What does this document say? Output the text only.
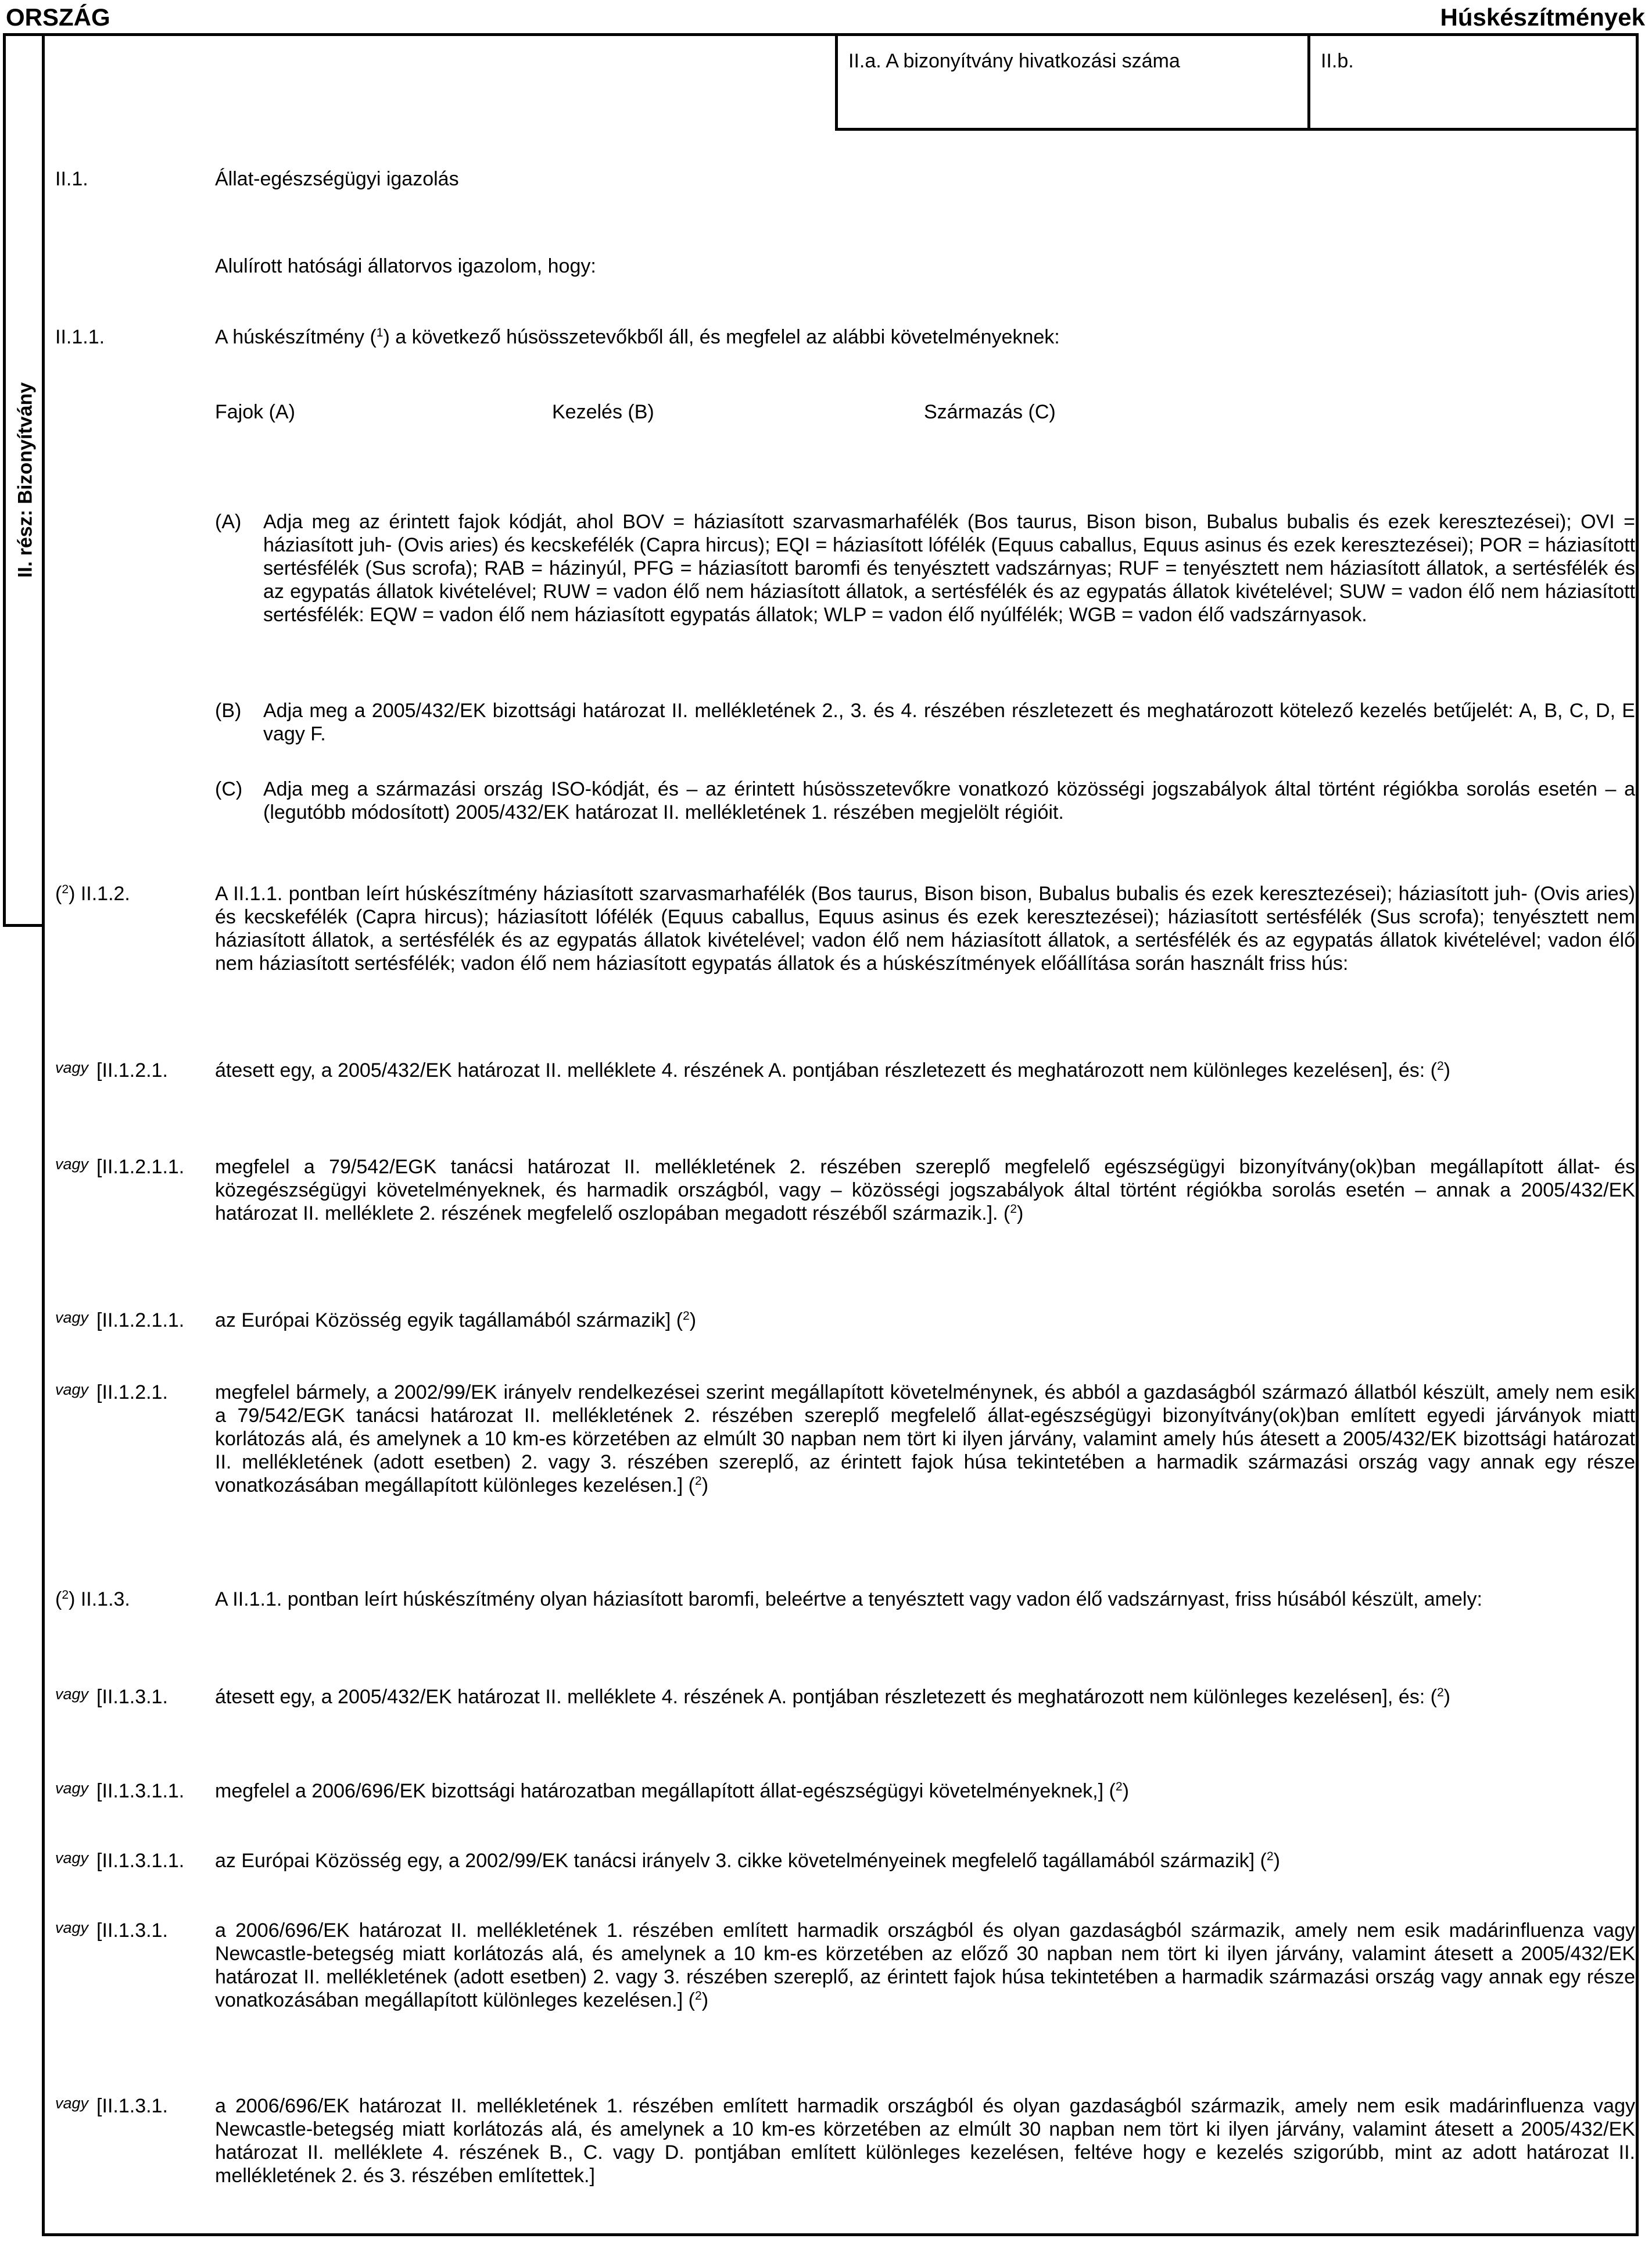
ORSZÁG	Húskészítmények
II.a. A bizonyítvány hivatkozási száma	II.b.
II. rész: Bizonyítvány
II.1.	Állat-egészségügyi igazolás
Alulírott hatósági állatorvos igazolom, hogy:
II.1.1.	A húskészítmény ($^1$) a következő húsösszetevőkből áll, és megfelel az alábbi követelményeknek:
Fajok (A)	Kezelés (B)	Származás (C)
(A) Adja meg az érintett fajok kódját, ahol BOV = háziasított szarvasmarhafélék (Bos taurus, Bison bison, Bubalus bubalis és ezek keresztezései); OVI = háziasított juh- (Ovis aries) és kecskefélék (Capra hircus); EQI = háziasított lófélék (Equus caballus, Equus asinus és ezek keresztezései); POR = háziasított sertésfélék (Sus scrofa); RAB = házinyúl, PFG = háziasított baromfi és tenyésztett vadszárnyas; RUF = tenyésztett nem háziasított állatok, a sertésfélék és az egypatás állatok kivételével; RUW = vadon élő nem háziasított állatok, a sertésfélék és az egypatás állatok kivételével; SUW = vadon élő nem háziasított sertésfélék: EQW = vadon élő nem háziasított egypatás állatok; WLP = vadon élő nyúlfélék; WGB = vadon élő vadszárnyasok.
(B) Adja meg a 2005/432/EK bizottsági határozat II. mellékletének 2., 3. és 4. részében részletezett és meghatározott kötelező kezelés betűjelét: A, B, C, D, E vagy F.
(C) Adja meg a származási ország ISO-kódját, és – az érintett húsösszetevőkre vonatkozó közösségi jogszabályok által történt régiókba sorolás esetén – a (legutóbb módosított) 2005/432/EK határozat II. mellékletének 1. részében megjelölt régióit.
($^2$) II.1.2.	A II.1.1. pontban leírt húskészítmény háziasított szarvasmarhafélék (Bos taurus, Bison bison, Bubalus bubalis és ezek keresztezései); háziasított juh- (Ovis aries) és kecskefélék (Capra hircus); háziasított lófélék (Equus caballus, Equus asinus és ezek keresztezései); háziasított sertésfélék (Sus scrofa); tenyésztett nem háziasított állatok, a sertésfélék és az egypatás állatok kivételével; vadon élő nem háziasított állatok, a sertésfélék és az egypatás állatok kivételével; vadon élő nem háziasított sertésfélék; vadon élő nem háziasított egypatás állatok és a húskészítmények előállítása során használt friss hús:
$^{vagy}$ [II.1.2.1. átesett egy, a 2005/432/EK határozat II. melléklete 4. részének A. pontjában részletezett és meghatározott nem különleges kezelésen], és: ($^2$)
$^{vagy}$ [II.1.2.1.1. megfelel a 79/542/EGK tanácsi határozat II. mellékletének 2. részében szereplő megfelelő egészségügyi bizonyítvány(ok)ban megállapított állat- és közegészségügyi követelményeknek, és harmadik országból, vagy – közösségi jogszabályok által történt régiókba sorolás esetén – annak a 2005/432/EK határozat II. melléklete 2. részének megfelelő oszlopában megadott részéből származik.]. ($^2$)
$^{vagy}$ [II.1.2.1.1. az Európai Közösség egyik tagállamából származik] ($^2$)
$^{vagy}$ [II.1.2.1. megfelel bármely, a 2002/99/EK irányelv rendelkezései szerint megállapított követelménynek, és abból a gazdaságból származó állatból készült, amely nem esik a 79/542/EGK tanácsi határozat II. mellékletének 2. részében szereplő megfelelő állat-egészségügyi bizonyítvány(ok)ban említett egyedi járványok miatt korlátozás alá, és amelynek a 10 km-es körzetében az elmúlt 30 napban nem tört ki ilyen járvány, valamint amely hús átesett a 2005/432/EK bizottsági határozat II. mellékletének (adott esetben) 2. vagy 3. részében szereplő, az érintett fajok húsa tekintetében a harmadik származási ország vagy annak egy része vonatkozásában megállapított különleges kezelésen.] ($^2$)
($^2$) II.1.3.	A II.1.1. pontban leírt húskészítmény olyan háziasított baromfi, beleértve a tenyésztett vagy vadon élő vadszárnyast, friss húsából készült, amely:
$^{vagy}$ [II.1.3.1. átesett egy, a 2005/432/EK határozat II. melléklete 4. részének A. pontjában részletezett és meghatározott nem különleges kezelésen], és: ($^2$)
$^{vagy}$ [II.1.3.1.1. megfelel a 2006/696/EK bizottsági határozatban megállapított állat-egészségügyi követelményeknek,] ($^2$)
$^{vagy}$ [II.1.3.1.1. az Európai Közösség egy, a 2002/99/EK tanácsi irányelv 3. cikke követelményeinek megfelelő tagállamából származik] ($^2$)
$^{vagy}$ [II.1.3.1. a 2006/696/EK határozat II. mellékletének 1. részében említett harmadik országból és olyan gazdaságból származik, amely nem esik madárinfluenza vagy Newcastle-betegség miatt korlátozás alá, és amelynek a 10 km-es körzetében az előző 30 napban nem tört ki ilyen járvány, valamint átesett a 2005/432/EK határozat II. mellékletének (adott esetben) 2. vagy 3. részében szereplő, az érintett fajok húsa tekintetében a harmadik származási ország vagy annak egy része vonatkozásában megállapított különleges kezelésen.] ($^2$)
$^{vagy}$ [II.1.3.1. a 2006/696/EK határozat II. mellékletének 1. részében említett harmadik országból és olyan gazdaságból származik, amely nem esik madárinfluenza vagy Newcastle-betegség miatt korlátozás alá, és amelynek a 10 km-es körzetében az elmúlt 30 napban nem tört ki ilyen járvány, valamint átesett a 2005/432/EK határozat II. melléklete 4. részének B., C. vagy D. pontjában említett különleges kezelésen, feltéve hogy e kezelés szigorúbb, mint az adott határozat II. mellékletének 2. és 3. részében említettek.]
